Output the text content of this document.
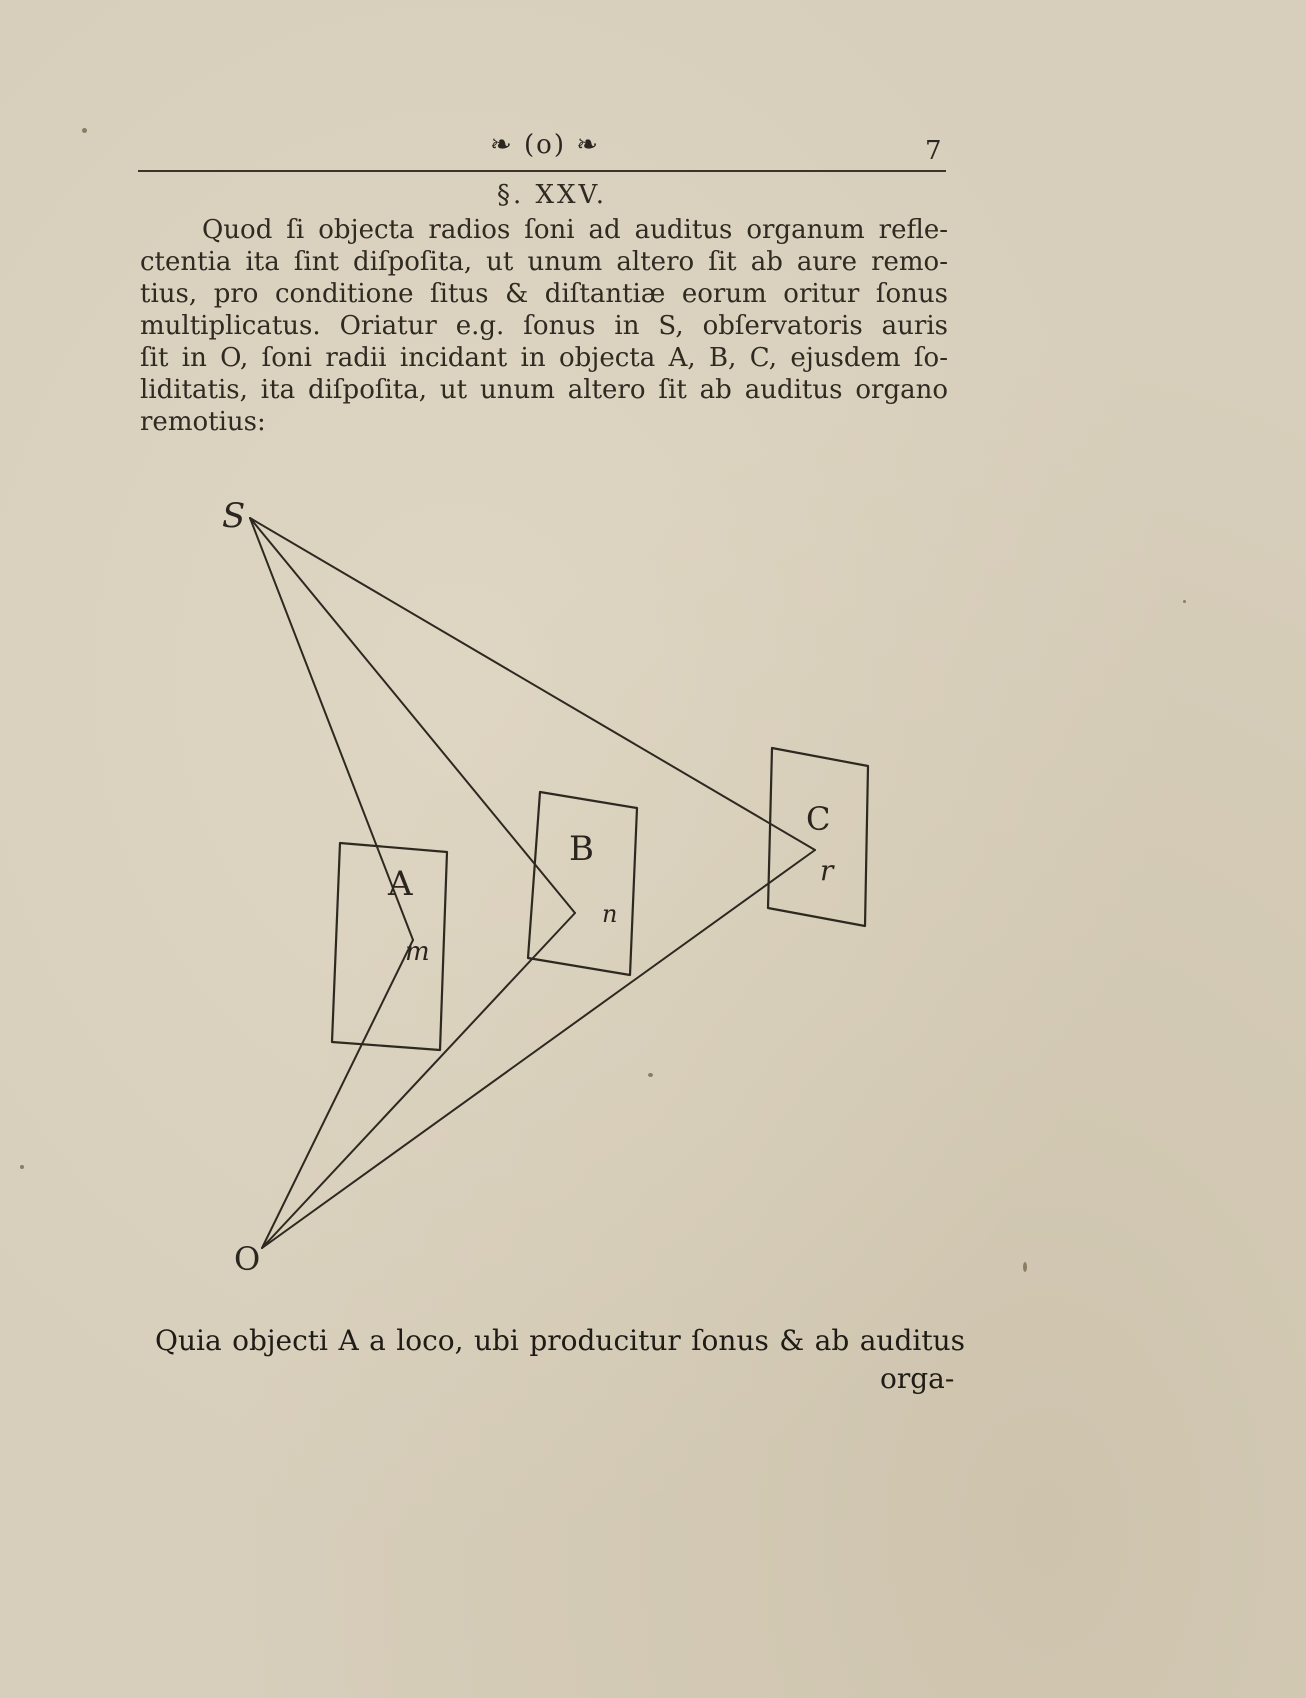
❧ (o) ❧	7
§. XXV.
Quod ſi objecta radios ſoni ad auditus organum refle-
ctentia ita ſint diſpoſita, ut unum altero ſit ab aure remo-
tius, pro conditione ſitus & diſtantiæ eorum oritur ſonus
multiplicatus. Oriatur e.g. ſonus in S, obſervatoris auris
ſit in O, ſoni radii incidant in objecta A, B, C, ejusdem ſo-
liditatis, ita diſpoſita, ut unum altero ſit ab auditus organo
remotius:
S
O
A
B
C
m
n
r
Quia objecti A a loco, ubi producitur ſonus & ab auditus
orga-
